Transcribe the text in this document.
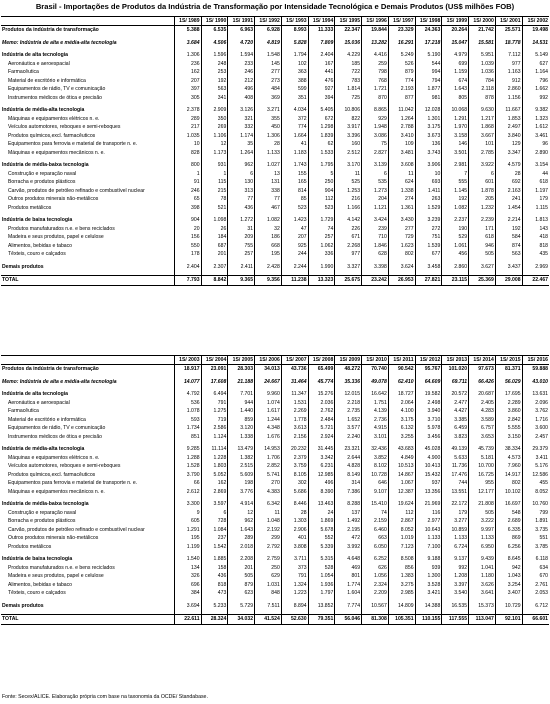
Brasil - Importações de Produtos da Indústria de Transformação por Intensidade Tecnológica e Demais Produtos (US$ milhões FOB)
	1S/ 1989	1S/ 1990	1S/ 1991	1S/ 1992	1S/ 1993	1S/ 1994	1S/ 1995	1S/ 1996	1S/ 1997	1S/ 1998	1S/ 1999	1S/ 2000	1S/ 2001	1S/ 2002
Produtos da indústria de transformação	5.388	6.535	6.963	6.928	8.993	11.333	22.347	19.844	23.329	24.363	20.264	21.742	25.571	19.498

Memo: Indústria de alta e média-alta tecnologia	3.684	4.506	4.720	4.819	5.828	7.809	15.036	13.282	16.291	17.218	15.047	15.581	18.778	14.531

Indústria de alta tecnologia	1.306	1.596	1.594	1.548	1.794	2.404	4.229	4.416	5.249	5.190	4.979	5.951	7.112	5.149
Aeronáutica e aeroespacial	236	248	233	145	102	167	185	259	526	544	699	1.039	977	627
Farmacêutica	162	253	246	277	363	441	722	798	879	994	1.159	1.036	1.163	1.164
Material de escritório e informática	207	192	212	273	388	476	783	768	774	794	674	784	912	796
Equipamentos de rádio, TV e comunicação	397	563	496	484	599	927	1.814	1.721	2.193	1.877	1.643	2.118	2.860	1.662
Instrumentos médicos de ótica e precisão	305	341	408	369	351	394	725	870	877	981	805	878	1.156	992

Indústria de média-alta tecnologia	2.378	2.909	3.126	3.271	4.034	5.405	10.806	8.865	11.042	12.028	10.068	9.630	11.667	9.382
Máquinas e equipamentos elétricos n. e.	289	350	321	355	372	672	822	929	1.264	1.301	1.291	1.217	1.853	1.323
Veículos automotores, reboques e semi-reboques	217	269	332	450	774	1.298	3.917	1.948	2.788	3.175	1.970	1.868	2.497	1.612
Produtos químicos,excl. farmacêuticos	1.035	1.106	1.174	1.306	1.664	1.839	3.396	3.086	3.410	3.673	3.158	3.667	3.840	3.461
Equipamentos para ferrovia e material de transporte n. e.	10	12	35	28	41	62	160	75	109	136	146	101	129	96
Máquinas e equipamentos mecânicos n. e.	828	1.173	1.264	1.133	1.183	1.533	2.512	2.827	3.481	3.743	3.501	2.785	3.347	2.890

Indústria de média-baixa tecnologia	800	931	962	1.027	1.743	1.795	3.170	3.139	3.608	3.906	2.981	3.922	4.579	3.154
Construção e reparação naval	1	1	6	13	155	5	11	6	11	10	7	6	28	44
Borracha e produtos plásticos	91	115	130	131	165	250	525	535	624	693	555	601	692	618
Carvão, produtos de petróleo refinado e combustível nuclear	246	215	313	338	814	904	1.253	1.273	1.338	1.411	1.145	1.878	2.163	1.197
Outros produtos minerais não-metálicos	65	78	77	77	85	112	216	204	274	263	192	205	241	179
Produtos metálicos	398	521	436	467	523	523	1.166	1.121	1.361	1.529	1.082	1.232	1.454	1.115

Indústria de baixa tecnologia	904	1.098	1.272	1.082	1.423	1.729	4.142	3.424	3.430	3.239	2.237	2.239	2.214	1.813
Produtos manufaturados n.e. e bens reciclados	20	26	31	32	47	74	226	239	277	272	190	171	192	143
Madeira e seus produtos, papel e celulose	156	184	209	186	207	257	671	710	729	751	529	618	584	418
Alimentos, bebidas e tabaco	550	687	755	668	925	1.062	2.268	1.846	1.623	1.539	1.061	946	874	818
Têxteis, couro e calçados	178	201	257	195	244	336	977	628	802	677	456	505	563	435

Demais produtos	2.404	2.307	2.411	2.428	2.244	1.990	3.327	3.398	3.624	3.458	2.860	3.627	3.437	2.969

TOTAL	7.793	8.842	9.365	9.356	11.238	13.323	25.675	23.242	26.953	27.821	23.115	25.369	29.008	22.467
	1S/ 2003	1S/ 2004	1S/ 2005	1S/ 2006	1S/ 2007	1S/ 2008	1S/ 2009	1S/ 2010	1S/ 2011	1S/ 2012	1S/ 2013	1S/ 2014	1S/ 2015	1S/ 2016
Produtos da indústria de transformação	18.917	23.091	28.303	34.013	43.736	65.499	48.272	70.740	90.542	95.767	101.020	97.673	81.371	59.888

Memo: Indústria de alta e média-alta tecnologia	14.077	17.608	21.188	24.667	31.464	45.774	35.336	49.078	62.410	64.609	69.711	66.426	56.029	43.010

Indústria de alta tecnologia	4.792	6.494	7.701	9.960	11.347	15.276	12.015	16.642	18.727	19.582	20.572	20.687	17.695	13.631
Aeronáutica e aeroespacial	536	791	944	1.074	1.531	2.036	2.218	1.751	2.064	2.498	2.477	2.405	2.289	2.096
Farmacêutica	1.078	1.275	1.440	1.617	2.269	2.762	2.735	4.139	4.100	3.940	4.427	4.283	3.860	3.762
Material de escritório e informática	593	719	859	1.244	1.778	2.484	1.652	2.736	3.175	3.710	3.385	3.589	2.842	1.716
Equipamentos de rádio, TV e comunicação	1.734	2.586	3.120	4.348	3.613	5.721	3.577	4.915	6.132	5.978	6.459	6.757	5.555	3.600
Instrumentos médicos de ótica e precisão	851	1.124	1.338	1.676	2.156	2.924	2.240	3.101	3.255	3.456	3.823	3.653	3.150	2.457

Indústria de média-alta tecnologia	9.285	11.114	13.479	14.953	20.232	31.445	23.321	32.436	43.683	45.028	49.139	45.739	38.334	29.379
Máquinas e equipamentos elétricos n. e.	1.288	1.228	1.382	1.706	2.379	3.342	2.644	3.852	4.849	4.900	5.633	5.181	4.573	3.411
Veículos automotores, reboques e semi-reboques	1.528	1.803	2.515	2.852	3.759	6.231	4.828	8.102	10.513	10.413	11.736	10.700	7.960	5.176
Produtos químicos,excl. farmacêuticos	3.790	5.052	5.609	5.741	8.105	12.985	8.149	10.728	14.867	15.432	17.476	16.725	14.917	12.586
Equipamentos para ferrovia e material de transporte n. e.	66	162	198	270	302	496	314	646	1.067	937	744	955	802	455
Máquinas e equipamentos mecânicos n. e.	2.612	2.869	3.776	4.383	5.686	8.390	7.386	9.107	12.387	13.356	13.551	12.177	10.102	8.052

Indústria de média-baixa tecnologia	3.300	3.597	4.914	6.342	8.446	13.463	8.288	15.410	19.624	21.969	22.172	21.808	16.697	10.760
Construção e reparação naval	9	6	12	11	28	24	137	74	112	116	179	505	548	799
Borracha e produtos plásticos	605	728	962	1.048	1.303	1.869	1.492	2.159	2.867	2.977	3.277	3.222	2.689	1.891
Carvão, produtos de petróleo refinado e combustível nuclear	1.291	1.084	1.643	2.192	2.906	5.678	2.195	6.460	8.052	10.643	10.859	9.997	6.335	3.735
Outros produtos minerais não-metálicos	195	237	289	299	401	552	472	663	1.019	1.133	1.133	1.133	869	551
Produtos metálicos	1.199	1.542	2.018	2.792	3.808	5.339	3.992	6.050	7.123	7.100	6.724	6.950	6.256	3.785

Indústria de baixa tecnologia	1.540	1.885	2.208	2.759	3.711	5.315	4.648	6.252	8.508	9.188	9.137	9.439	8.645	6.118
Produtos manufaturados n.e. e bens reciclados	134	158	201	250	373	528	469	626	856	939	992	1.041	942	634
Madeira e seus produtos, papel e celulose	326	436	505	629	791	1.054	801	1.056	1.383	1.300	1.208	1.180	1.043	670
Alimentos, bebidas e tabaco	696	818	879	1.031	1.324	1.936	1.774	2.324	3.275	3.528	3.397	3.626	3.254	2.761
Têxteis, couro e calçados	384	473	623	848	1.223	1.797	1.604	2.209	2.985	3.421	3.540	3.641	3.407	2.053

Demais produtos	3.694	5.233	5.729	7.511	8.894	13.852	7.774	10.567	14.809	14.388	16.535	15.373	10.729	6.712

TOTAL	22.611	28.324	34.032	41.524	52.630	79.351	56.046	81.308	105.351	110.155	117.555	113.047	92.101	66.601
Fonte: Secex/ALICE. Elaboração própria com base na taxonomia da OCDE/ Standabase.
